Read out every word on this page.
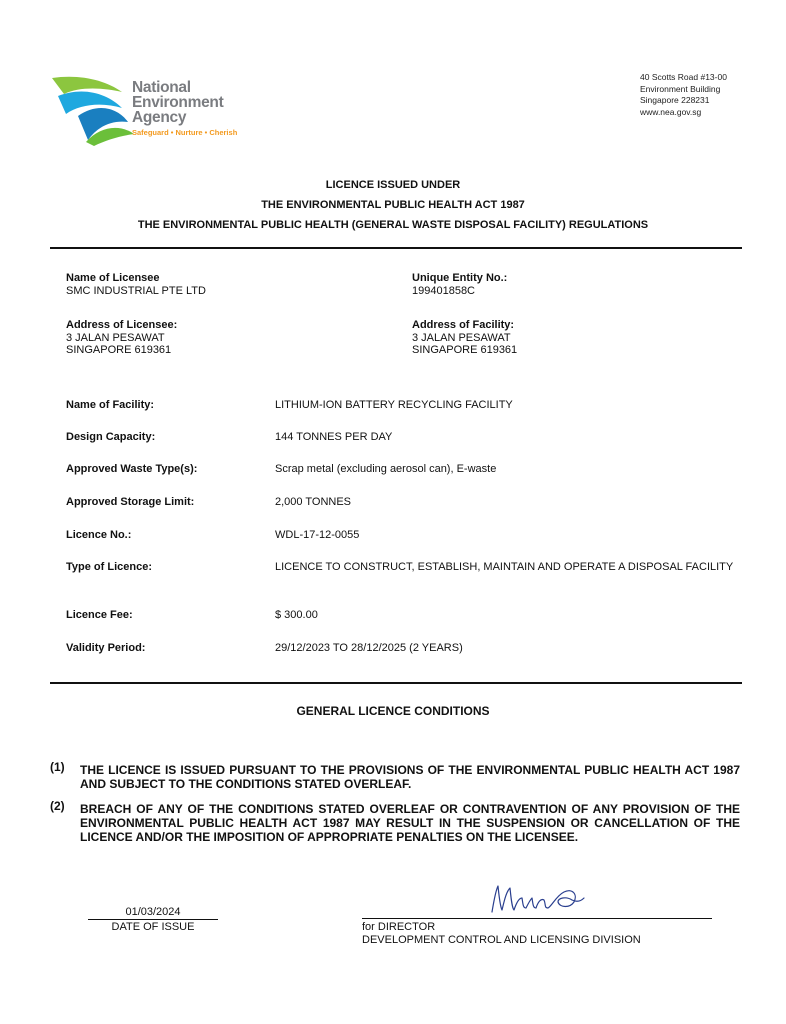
National
Environment
Agency
Safeguard • Nurture • Cherish
40 Scotts Road #13-00
Environment Building
Singapore 228231
www.nea.gov.sg
LICENCE ISSUED UNDER
THE ENVIRONMENTAL PUBLIC HEALTH ACT 1987
THE ENVIRONMENTAL PUBLIC HEALTH (GENERAL WASTE DISPOSAL FACILITY) REGULATIONS
Name of Licensee
SMC INDUSTRIAL PTE LTD
Unique Entity No.:
199401858C
Address of Licensee:
3 JALAN PESAWAT
SINGAPORE 619361
Address of Facility:
3 JALAN PESAWAT
SINGAPORE 619361
Name of Facility:	LITHIUM-ION BATTERY RECYCLING FACILITY
Design Capacity:	144 TONNES PER DAY
Approved Waste Type(s):	Scrap metal (excluding aerosol can), E-waste
Approved Storage Limit:	2,000 TONNES
Licence No.:	WDL-17-12-0055
Type of Licence:	LICENCE TO CONSTRUCT, ESTABLISH, MAINTAIN AND OPERATE A DISPOSAL FACILITY
Licence Fee:	$ 300.00
Validity Period:	29/12/2023 TO 28/12/2025 (2 YEARS)
GENERAL LICENCE CONDITIONS
(1) THE LICENCE IS ISSUED PURSUANT TO THE PROVISIONS OF THE ENVIRONMENTAL PUBLIC HEALTH ACT 1987 AND SUBJECT TO THE CONDITIONS STATED OVERLEAF.
(2) BREACH OF ANY OF THE CONDITIONS STATED OVERLEAF OR CONTRAVENTION OF ANY PROVISION OF THE ENVIRONMENTAL PUBLIC HEALTH ACT 1987 MAY RESULT IN THE SUSPENSION OR CANCELLATION OF THE LICENCE AND/OR THE IMPOSITION OF APPROPRIATE PENALTIES ON THE LICENSEE.
01/03/2024
DATE OF ISSUE	for DIRECTOR
DEVELOPMENT CONTROL AND LICENSING DIVISION
